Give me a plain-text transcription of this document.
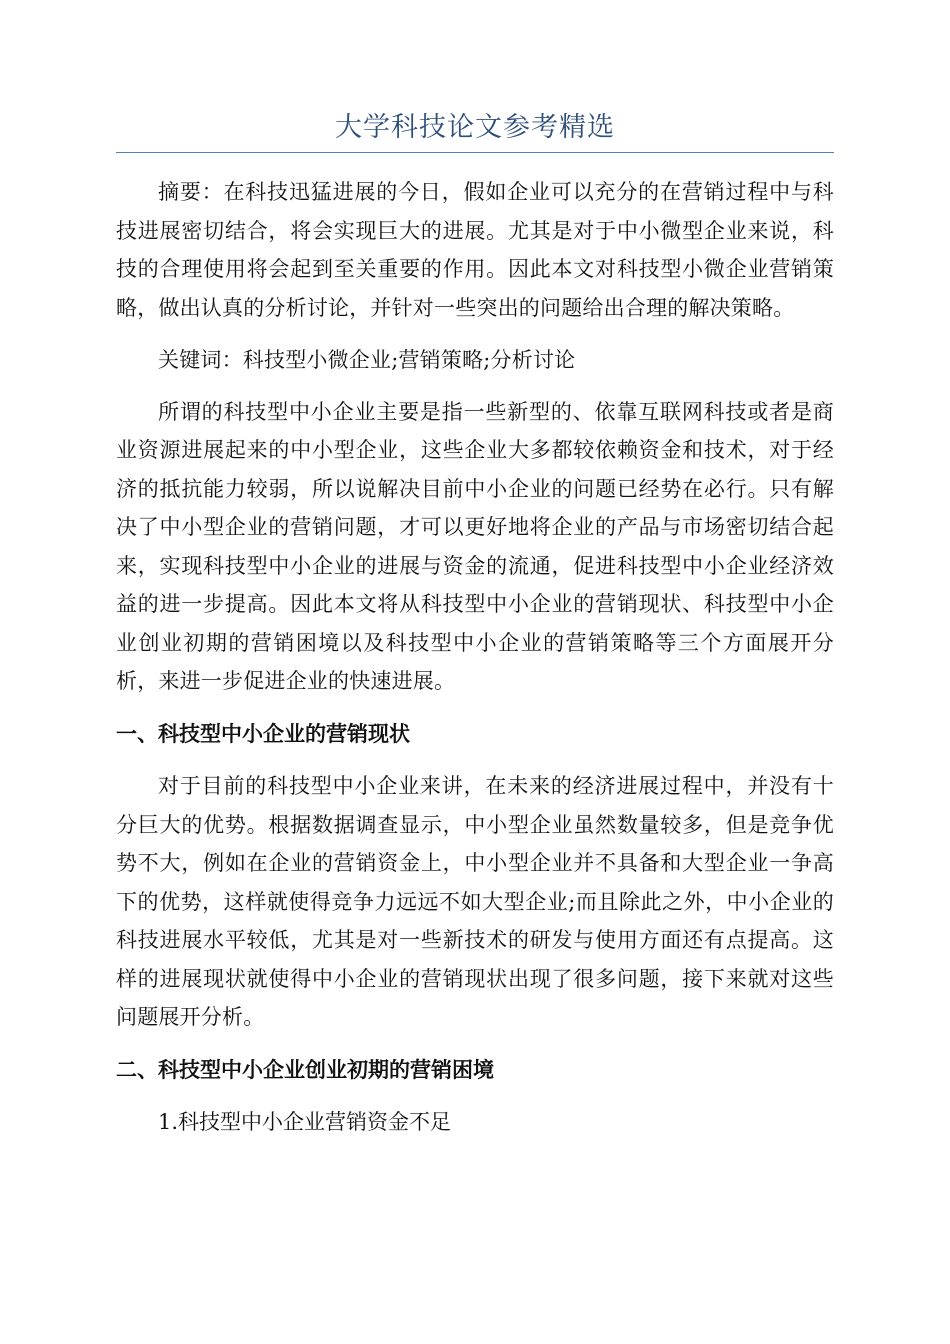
大学科技论文参考精选

摘要：在科技迅猛进展的今日，假如企业可以充分的在营销过程中与科技进展密切结合，将会实现巨大的进展。尤其是对于中小微型企业来说，科技的合理使用将会起到至关重要的作用。因此本文对科技型小微企业营销策略，做出认真的分析讨论，并针对一些突出的问题给出合理的解决策略。

关键词：科技型小微企业;营销策略;分析讨论

所谓的科技型中小企业主要是指一些新型的、依靠互联网科技或者是商业资源进展起来的中小型企业，这些企业大多都较依赖资金和技术，对于经济的抵抗能力较弱，所以说解决目前中小企业的问题已经势在必行。只有解决了中小型企业的营销问题，才可以更好地将企业的产品与市场密切结合起来，实现科技型中小企业的进展与资金的流通，促进科技型中小企业经济效益的进一步提高。因此本文将从科技型中小企业的营销现状、科技型中小企业创业初期的营销困境以及科技型中小企业的营销策略等三个方面展开分析，来进一步促进企业的快速进展。

一、科技型中小企业的营销现状

对于目前的科技型中小企业来讲，在未来的经济进展过程中，并没有十分巨大的优势。根据数据调查显示，中小型企业虽然数量较多，但是竞争优势不大，例如在企业的营销资金上，中小型企业并不具备和大型企业一争高下的优势，这样就使得竞争力远远不如大型企业;而且除此之外，中小企业的科技进展水平较低，尤其是对一些新技术的研发与使用方面还有点提高。这样的进展现状就使得中小企业的营销现状出现了很多问题，接下来就对这些问题展开分析。

二、科技型中小企业创业初期的营销困境

1.科技型中小企业营销资金不足
